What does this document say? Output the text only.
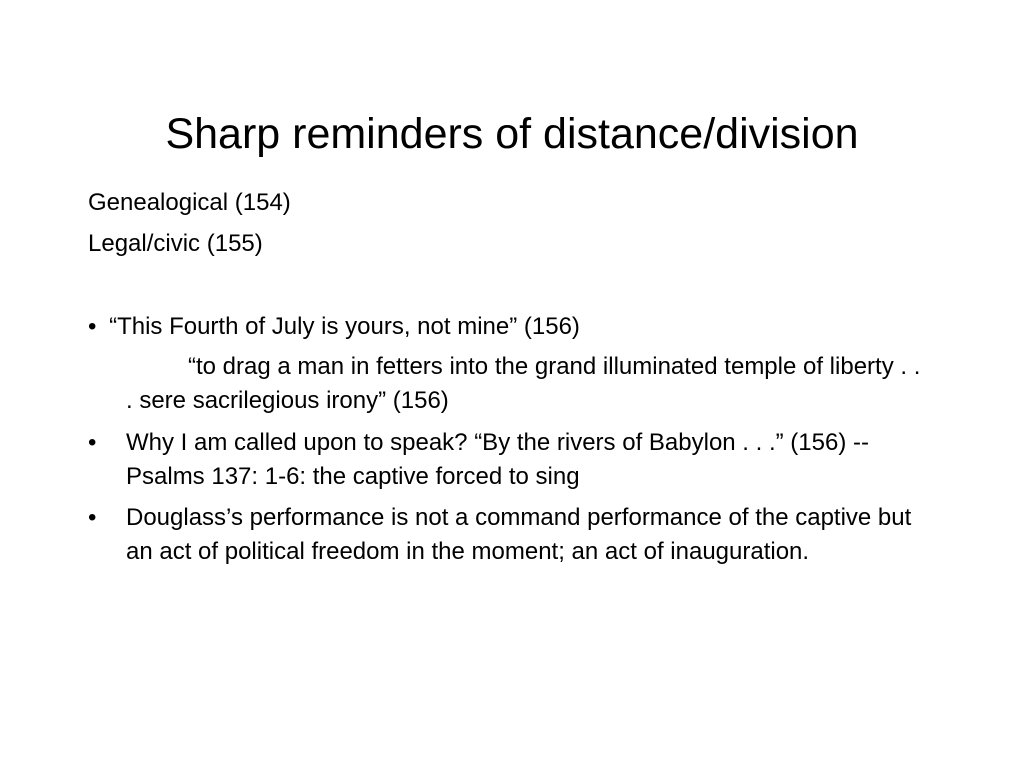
Sharp reminders of distance/division
Genealogical (154)
Legal/civic (155)
• “This Fourth of July is yours, not mine” (156)
“to drag a man in fetters into the grand illuminated temple of liberty . . . sere sacrilegious irony” (156)
•	Why I am called upon to speak? “By the rivers of Babylon . . .” (156) -- Psalms 137: 1-6: the captive forced to sing
•	Douglass’s performance is not a command performance of the captive but an act of political freedom in the moment; an act of inauguration.
